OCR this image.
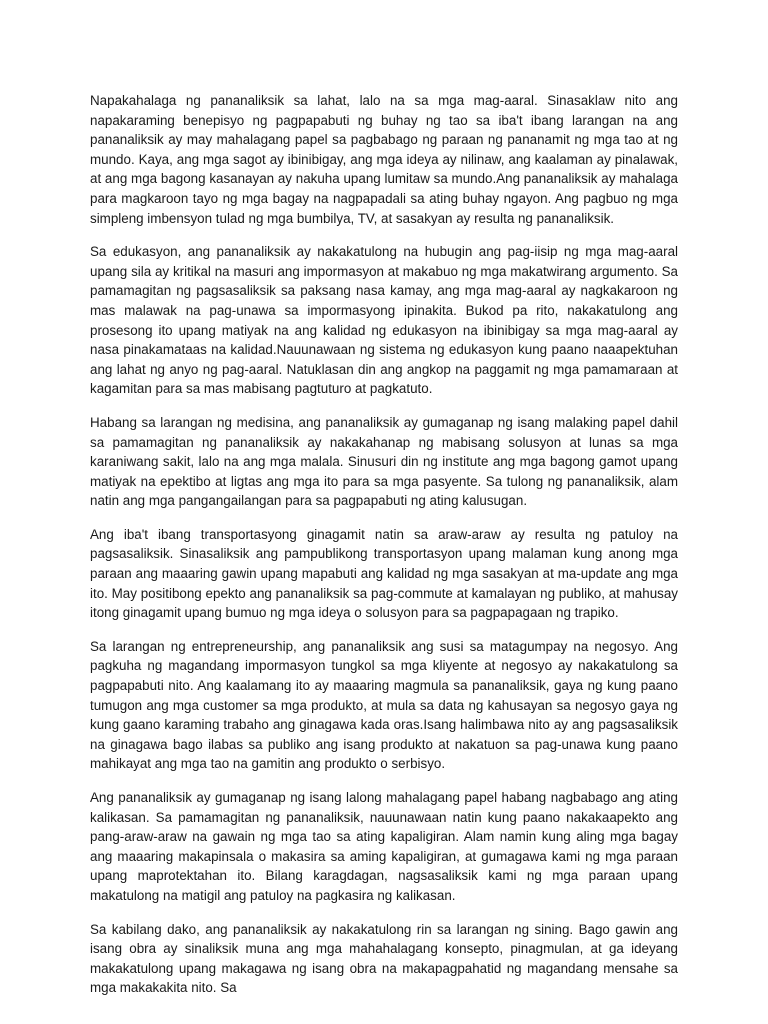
Napakahalaga ng pananaliksik sa lahat, lalo na sa mga mag-aaral. Sinasaklaw nito ang napakaraming benepisyo ng pagpapabuti ng buhay ng tao sa iba't ibang larangan na ang pananaliksik ay may mahalagang papel sa pagbabago ng paraan ng pananamit ng mga tao at ng mundo. Kaya, ang mga sagot ay ibinibigay, ang mga ideya ay nilinaw, ang kaalaman ay pinalawak, at ang mga bagong kasanayan ay nakuha upang lumitaw sa mundo.Ang pananaliksik ay mahalaga para magkaroon tayo ng mga bagay na nagpapadali sa ating buhay ngayon. Ang pagbuo ng mga simpleng imbensyon tulad ng mga bumbilya, TV, at sasakyan ay resulta ng pananaliksik.

Sa edukasyon, ang pananaliksik ay nakakatulong na hubugin ang pag-iisip ng mga mag-aaral upang sila ay kritikal na masuri ang impormasyon at makabuo ng mga makatwirang argumento. Sa pamamagitan ng pagsasaliksik sa paksang nasa kamay, ang mga mag-aaral ay nagkakaroon ng mas malawak na pag-unawa sa impormasyong ipinakita. Bukod pa rito, nakakatulong ang prosesong ito upang matiyak na ang kalidad ng edukasyon na ibinibigay sa mga mag-aaral ay nasa pinakamataas na kalidad.Nauunawaan ng sistema ng edukasyon kung paano naaapektuhan ang lahat ng anyo ng pag-aaral. Natuklasan din ang angkop na paggamit ng mga pamamaraan at kagamitan para sa mas mabisang pagtuturo at pagkatuto.

Habang sa larangan ng medisina, ang pananaliksik ay gumaganap ng isang malaking papel dahil sa pamamagitan ng pananaliksik ay nakakahanap ng mabisang solusyon at lunas sa mga karaniwang sakit, lalo na ang mga malala. Sinusuri din ng institute ang mga bagong gamot upang matiyak na epektibo at ligtas ang mga ito para sa mga pasyente. Sa tulong ng pananaliksik, alam natin ang mga pangangailangan para sa pagpapabuti ng ating kalusugan.

Ang iba't ibang transportasyong ginagamit natin sa araw-araw ay resulta ng patuloy na pagsasaliksik. Sinasaliksik ang pampublikong transportasyon upang malaman kung anong mga paraan ang maaaring gawin upang mapabuti ang kalidad ng mga sasakyan at ma-update ang mga ito. May positibong epekto ang pananaliksik sa pag-commute at kamalayan ng publiko, at mahusay itong ginagamit upang bumuo ng mga ideya o solusyon para sa pagpapagaan ng trapiko.

Sa larangan ng entrepreneurship, ang pananaliksik ang susi sa matagumpay na negosyo. Ang pagkuha ng magandang impormasyon tungkol sa mga kliyente at negosyo ay nakakatulong sa pagpapabuti nito. Ang kaalamang ito ay maaaring magmula sa pananaliksik, gaya ng kung paano tumugon ang mga customer sa mga produkto, at mula sa data ng kahusayan sa negosyo gaya ng kung gaano karaming trabaho ang ginagawa kada oras.Isang halimbawa nito ay ang pagsasaliksik na ginagawa bago ilabas sa publiko ang isang produkto at nakatuon sa pag-unawa kung paano mahikayat ang mga tao na gamitin ang produkto o serbisyo.

Ang pananaliksik ay gumaganap ng isang lalong mahalagang papel habang nagbabago ang ating kalikasan. Sa pamamagitan ng pananaliksik, nauunawaan natin kung paano nakakaapekto ang pang-araw-araw na gawain ng mga tao sa ating kapaligiran. Alam namin kung aling mga bagay ang maaaring makapinsala o makasira sa aming kapaligiran, at gumagawa kami ng mga paraan upang maprotektahan ito. Bilang karagdagan, nagsasaliksik kami ng mga paraan upang makatulong na matigil ang patuloy na pagkasira ng kalikasan.

Sa kabilang dako, ang pananaliksik ay nakakatulong rin sa larangan ng sining. Bago gawin ang isang obra ay sinaliksik muna ang mga mahahalagang konsepto, pinagmulan, at ga ideyang makakatulong upang makagawa ng isang obra na makapagpahatid ng magandang mensahe sa mga makakakita nito. Sa
